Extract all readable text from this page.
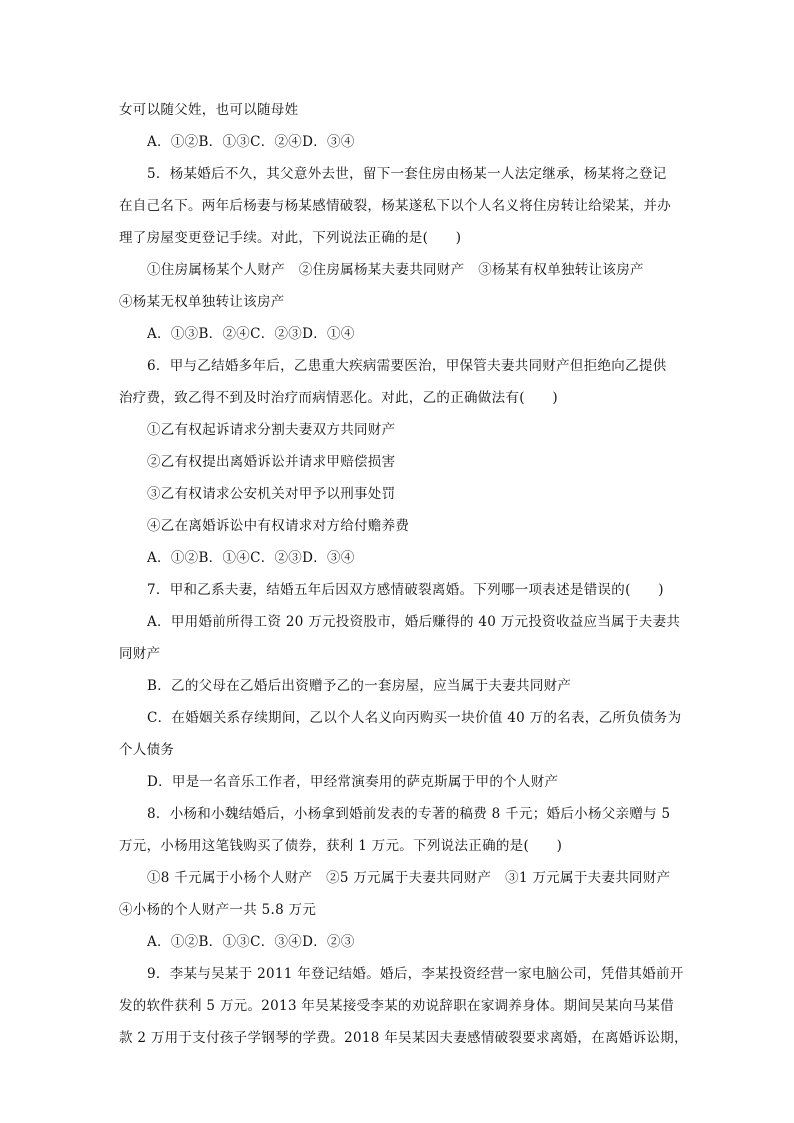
女可以随父姓，也可以随母姓
A．①②B．①③C．②④D．③④
5．杨某婚后不久，其父意外去世，留下一套住房由杨某一人法定继承，杨某将之登记
在自己名下。两年后杨妻与杨某感情破裂，杨某遂私下以个人名义将住房转让给梁某，并办
理了房屋变更登记手续。对此，下列说法正确的是(　　)
①住房属杨某个人财产　②住房属杨某夫妻共同财产　③杨某有权单独转让该房产
④杨某无权单独转让该房产
A．①③B．②④C．②③D．①④
6．甲与乙结婚多年后，乙患重大疾病需要医治，甲保管夫妻共同财产但拒绝向乙提供
治疗费，致乙得不到及时治疗而病情恶化。对此，乙的正确做法有(　　)
①乙有权起诉请求分割夫妻双方共同财产
②乙有权提出离婚诉讼并请求甲赔偿损害
③乙有权请求公安机关对甲予以刑事处罚
④乙在离婚诉讼中有权请求对方给付赡养费
A．①②B．①④C．②③D．③④
7．甲和乙系夫妻，结婚五年后因双方感情破裂离婚。下列哪一项表述是错误的(　　)
A．甲用婚前所得工资 20 万元投资股市，婚后赚得的 40 万元投资收益应当属于夫妻共
同财产
B．乙的父母在乙婚后出资赠予乙的一套房屋，应当属于夫妻共同财产
C．在婚姻关系存续期间，乙以个人名义向丙购买一块价值 40 万的名表，乙所负债务为
个人债务
D．甲是一名音乐工作者，甲经常演奏用的萨克斯属于甲的个人财产
8．小杨和小魏结婚后，小杨拿到婚前发表的专著的稿费 8 千元；婚后小杨父亲赠与 5
万元，小杨用这笔钱购买了债券，获利 1 万元。下列说法正确的是(　　)
①8 千元属于小杨个人财产　②5 万元属于夫妻共同财产　③1 万元属于夫妻共同财产
④小杨的个人财产一共 5.8 万元
A．①②B．①③C．③④D．②③
9．李某与吴某于 2011 年登记结婚。婚后，李某投资经营一家电脑公司，凭借其婚前开
发的软件获利 5 万元。2013 年吴某接受李某的劝说辞职在家调养身体。期间吴某向马某借
款 2 万用于支付孩子学钢琴的学费。2018 年吴某因夫妻感情破裂要求离婚，在离婚诉讼期，
